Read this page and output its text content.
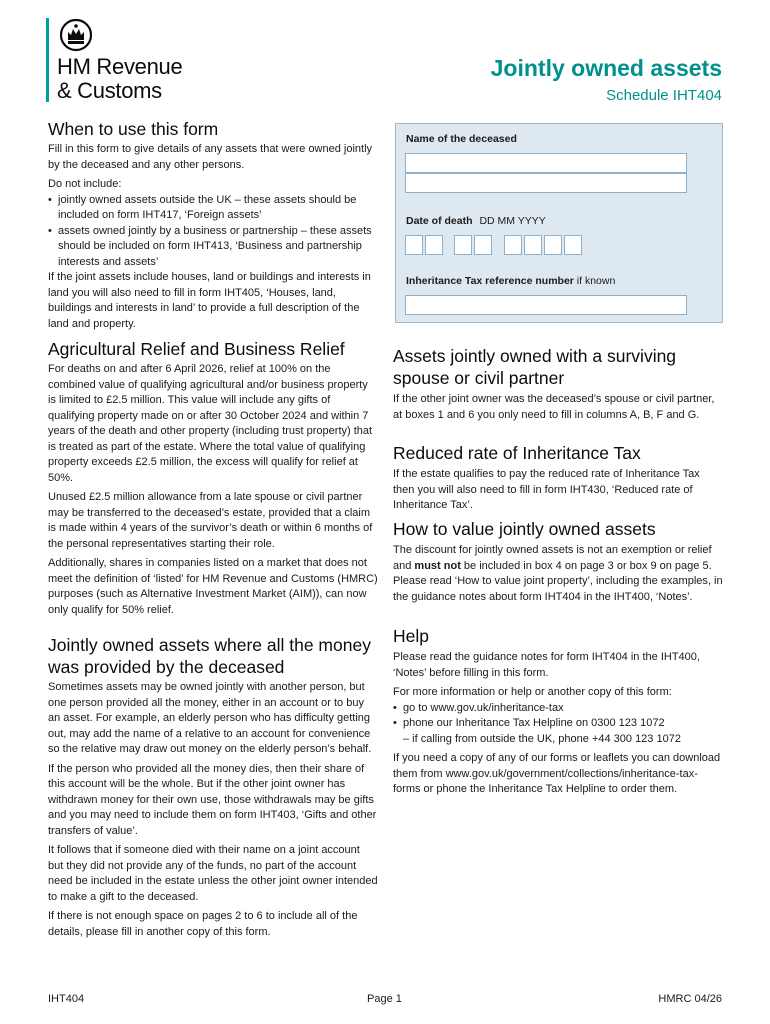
HM Revenue
& Customs
Jointly owned assets
Schedule IHT404
Name of the deceased
Date of death DD MM YYYY
Inheritance Tax reference number if known
When to use this form

Fill in this form to give details of any assets that were owned jointly by the deceased and any other persons.

Do not include:

• jointly owned assets outside the UK – these assets should be included on form IHT417, ‘Foreign assets’
• assets owned jointly by a business or partnership – these assets should be included on form IHT413, ‘Business and partnership interests and assets’

If the joint assets include houses, land or buildings and interests in land you will also need to fill in form IHT405, ‘Houses, land, buildings and interests in land’ to provide a full description of the land and property.

Agricultural Relief and Business Relief

For deaths on and after 6 April 2026, relief at 100% on the combined value of qualifying agricultural and/or business property is limited to £2.5 million. This value will include any gifts of qualifying property made on or after 30 October 2024 and within 7 years of the death and other property (including trust property) that is treated as part of the estate. Where the total value of qualifying property exceeds £2.5 million, the excess will qualify for relief at 50%.

Unused £2.5 million allowance from a late spouse or civil partner may be transferred to the deceased’s estate, provided that a claim is made within 4 years of the survivor’s death or within 6 months of the personal representatives starting their role.

Additionally, shares in companies listed on a market that does not meet the definition of ‘listed’ for HM Revenue and Customs (HMRC) purposes (such as Alternative Investment Market (AIM)), can now only qualify for 50% relief.

Jointly owned assets where all the money was provided by the deceased

Sometimes assets may be owned jointly with another person, but one person provided all the money, either in an account or to buy an asset. For example, an elderly person who has difficulty getting out, may add the name of a relative to an account for convenience so the relative may draw out money on the elderly person’s behalf.

If the person who provided all the money dies, then their share of this account will be the whole. But if the other joint owner has withdrawn money for their own use, those withdrawals may be gifts and you may need to include them on form IHT403, ‘Gifts and other transfers of value’.

It follows that if someone died with their name on a joint account but they did not provide any of the funds, no part of the account need be included in the estate unless the other joint owner intended to make a gift to the deceased.

If there is not enough space on pages 2 to 6 to include all of the details, please fill in another copy of this form.

Assets jointly owned with a surviving spouse or civil partner

If the other joint owner was the deceased’s spouse or civil partner, at boxes 1 and 6 you only need to fill in columns A, B, F and G.

Reduced rate of Inheritance Tax

If the estate qualifies to pay the reduced rate of Inheritance Tax then you will also need to fill in form IHT430, ‘Reduced rate of Inheritance Tax’.

How to value jointly owned assets

The discount for jointly owned assets is not an exemption or relief and must not be included in box 4 on page 3 or box 9 on page 5. Please read ‘How to value joint property’, including the examples, in the guidance notes about form IHT404 in the IHT400, ‘Notes’.

Help

Please read the guidance notes for form IHT404 in the IHT400, ‘Notes’ before filling in this form.

For more information or help or another copy of this form:

• go to www.gov.uk/inheritance-tax
• phone our Inheritance Tax Helpline on 0300 123 1072
– if calling from outside the UK, phone +44 300 123 1072

If you need a copy of any of our forms or leaflets you can download them from www.gov.uk/government/collections/inheritance-tax-forms or phone the Inheritance Tax Helpline to order them.

IHT404	Page 1	HMRC 04/26
